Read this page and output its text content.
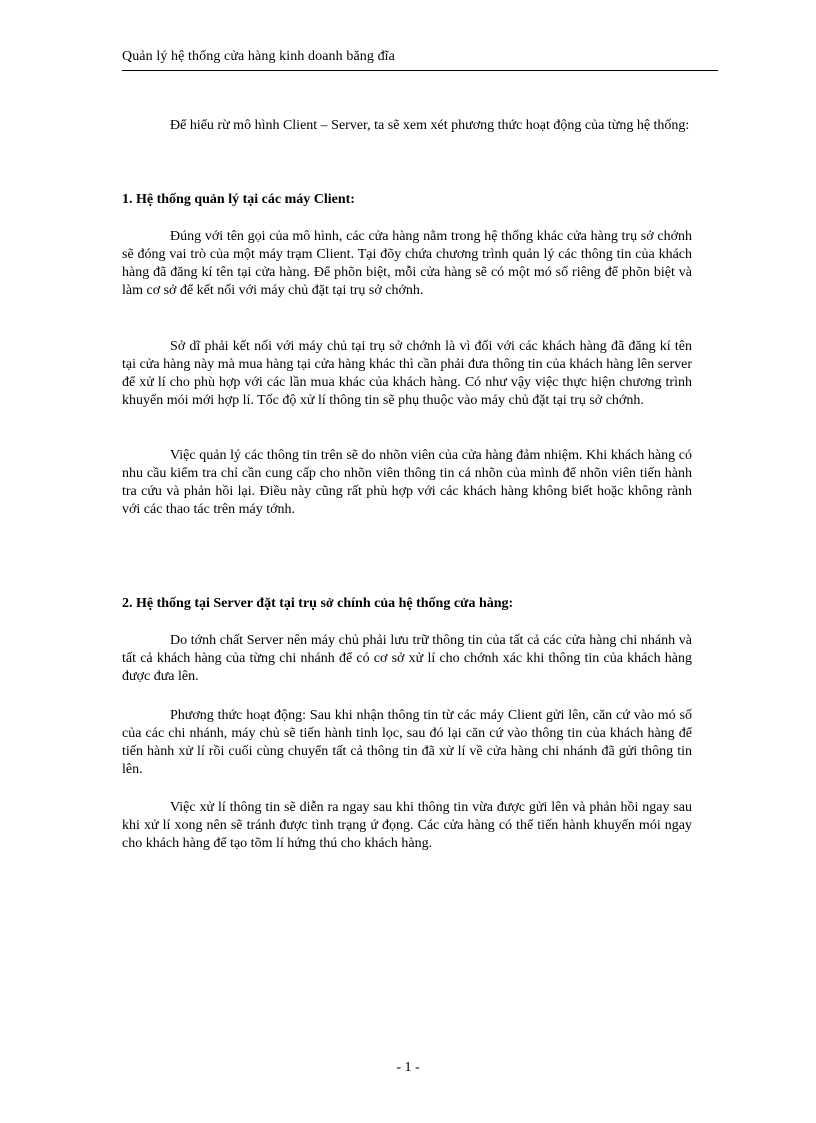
Quản lý hệ thống cửa hàng kinh doanh băng đĩa

Để hiểu rừ mô hình Client – Server, ta sẽ xem xét phương thức hoạt động của từng hệ thống:

1. Hệ thống quản lý tại các máy Client:

Đúng với tên gọi của mô hình, các cửa hàng nằm trong hệ thống khác cửa hàng trụ sở chớnh sẽ đóng vai trò của một máy trạm Client. Tại đõy chứa chương trình quản lý các thông tin của khách hàng đã đăng kí tên tại cửa hàng. Để phõn biệt, mỗi cửa hàng sẽ có một mó số riêng để phõn biệt và làm cơ sở để kết nối với máy chủ đặt tại trụ sở chớnh.

Sở dĩ phải kết nối với máy chủ tại trụ sở chớnh là vì đối với các khách hàng đã đăng kí tên tại cửa hàng này mà mua hàng tại cửa hàng khác thì cần phải đưa thông tin của khách hàng lên server để xử lí cho phù hợp với các lần mua khác của khách hàng. Có như vậy việc thực hiện chương trình khuyến mói mới hợp lí. Tốc độ xử lí thông tin sẽ phụ thuộc vào máy chủ đặt tại trụ sở chớnh.

Việc quản lý các thông tin trên sẽ do nhõn viên của cửa hàng đảm nhiệm. Khi khách hàng có nhu cầu kiểm tra chỉ cần cung cấp cho nhõn viên thông tin cá nhõn của mình để nhõn viên tiến hành tra cứu và phản hồi lại. Điều này cũng rất phù hợp với các khách hàng không biết hoặc không rành với các thao tác trên máy tớnh.

2. Hệ thống tại Server đặt tại trụ sở chính của hệ thống cửa hàng:

Do tớnh chất Server nên máy chủ phải lưu trữ thông tin của tất cả các cửa hàng chi nhánh và tất cả khách hàng của từng chi nhánh để có cơ sở xử lí cho chớnh xác khi thông tin của khách hàng được đưa lên.

Phương thức hoạt động: Sau khi nhận thông tin từ các máy Client gửi lên, căn cứ vào mó số của các chi nhánh, máy chủ sẽ tiến hành tinh lọc, sau đó lại căn cứ vào thông tin của khách hàng để tiến hành xử lí rồi cuối cùng chuyển tất cả thông tin đã xử lí về cửa hàng chi nhánh đã gửi thông tin lên.

Việc xử lí thông tin sẽ diễn ra ngay sau khi thông tin vừa được gửi lên và phản hồi ngay sau khi xử lí xong nên sẽ tránh được tình trạng ứ đọng. Các cửa hàng có thể tiến hành khuyến mói ngay cho khách hàng để tạo tõm lí hứng thú cho khách hàng.

- 1 -
